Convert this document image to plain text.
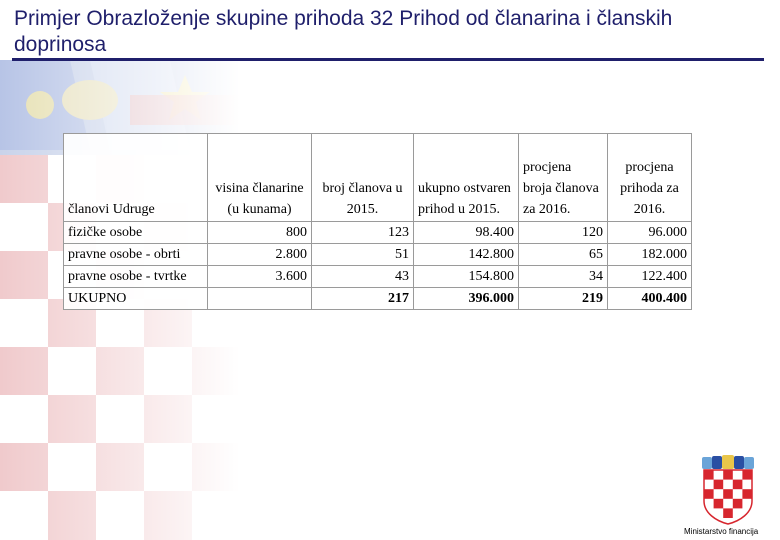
Primjer Obrazloženje skupine prihoda 32 Prihod od članarina i članskih doprinosa
članovi Udruge	visina članarine (u kunama)	broj članova u 2015.	ukupno ostvaren prihod u 2015.	procjena broja članova za 2016.	procjena prihoda za 2016.
fizičke osobe	800	123	98.400	120	96.000
pravne osobe - obrti	2.800	51	142.800	65	182.000
pravne osobe - tvrtke	3.600	43	154.800	34	122.400
UKUPNO		217	396.000	219	400.400
Ministarstvo financija
